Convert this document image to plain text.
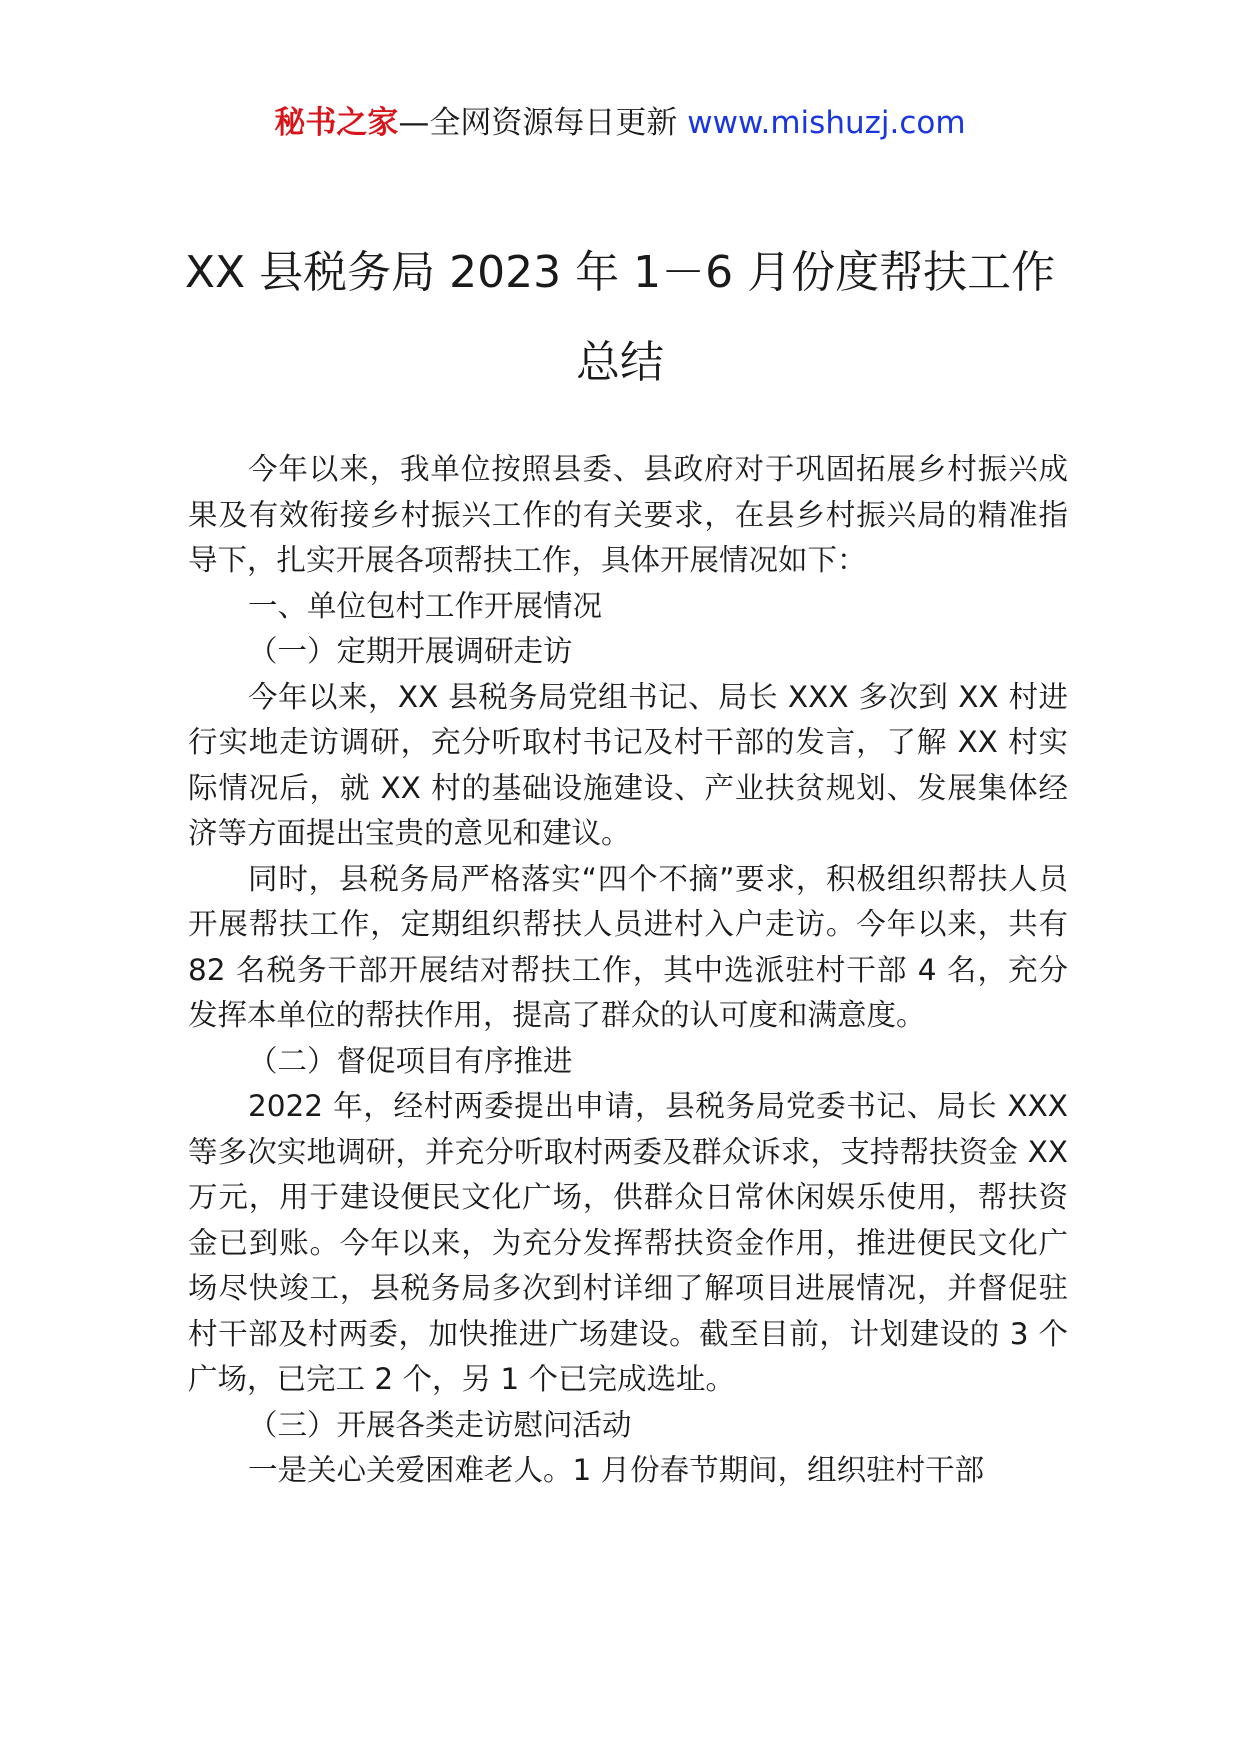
秘书之家—全网资源每日更新 www.mishuzj.com
XX 县税务局 2023 年 1－6 月份度帮扶工作
总结

今年以来，我单位按照县委、县政府对于巩固拓展乡村振兴成果及有效衔接乡村振兴工作的有关要求，在县乡村振兴局的精准指导下，扎实开展各项帮扶工作，具体开展情况如下：

一、单位包村工作开展情况

（一）定期开展调研走访

今年以来，XX 县税务局党组书记、局长 XXX 多次到 XX 村进行实地走访调研，充分听取村书记及村干部的发言，了解 XX 村实际情况后，就 XX 村的基础设施建设、产业扶贫规划、发展集体经济等方面提出宝贵的意见和建议。

同时，县税务局严格落实“四个不摘”要求，积极组织帮扶人员开展帮扶工作，定期组织帮扶人员进村入户走访。今年以来，共有 82 名税务干部开展结对帮扶工作，其中选派驻村干部 4 名，充分发挥本单位的帮扶作用，提高了群众的认可度和满意度。

（二）督促项目有序推进

2022 年，经村两委提出申请，县税务局党委书记、局长 XXX 等多次实地调研，并充分听取村两委及群众诉求，支持帮扶资金 XX 万元，用于建设便民文化广场，供群众日常休闲娱乐使用，帮扶资金已到账。今年以来，为充分发挥帮扶资金作用，推进便民文化广场尽快竣工，县税务局多次到村详细了解项目进展情况，并督促驻村干部及村两委，加快推进广场建设。截至目前，计划建设的 3 个广场，已完工 2 个，另 1 个已完成选址。

（三）开展各类走访慰问活动

一是关心关爱困难老人。1 月份春节期间，组织驻村干部
